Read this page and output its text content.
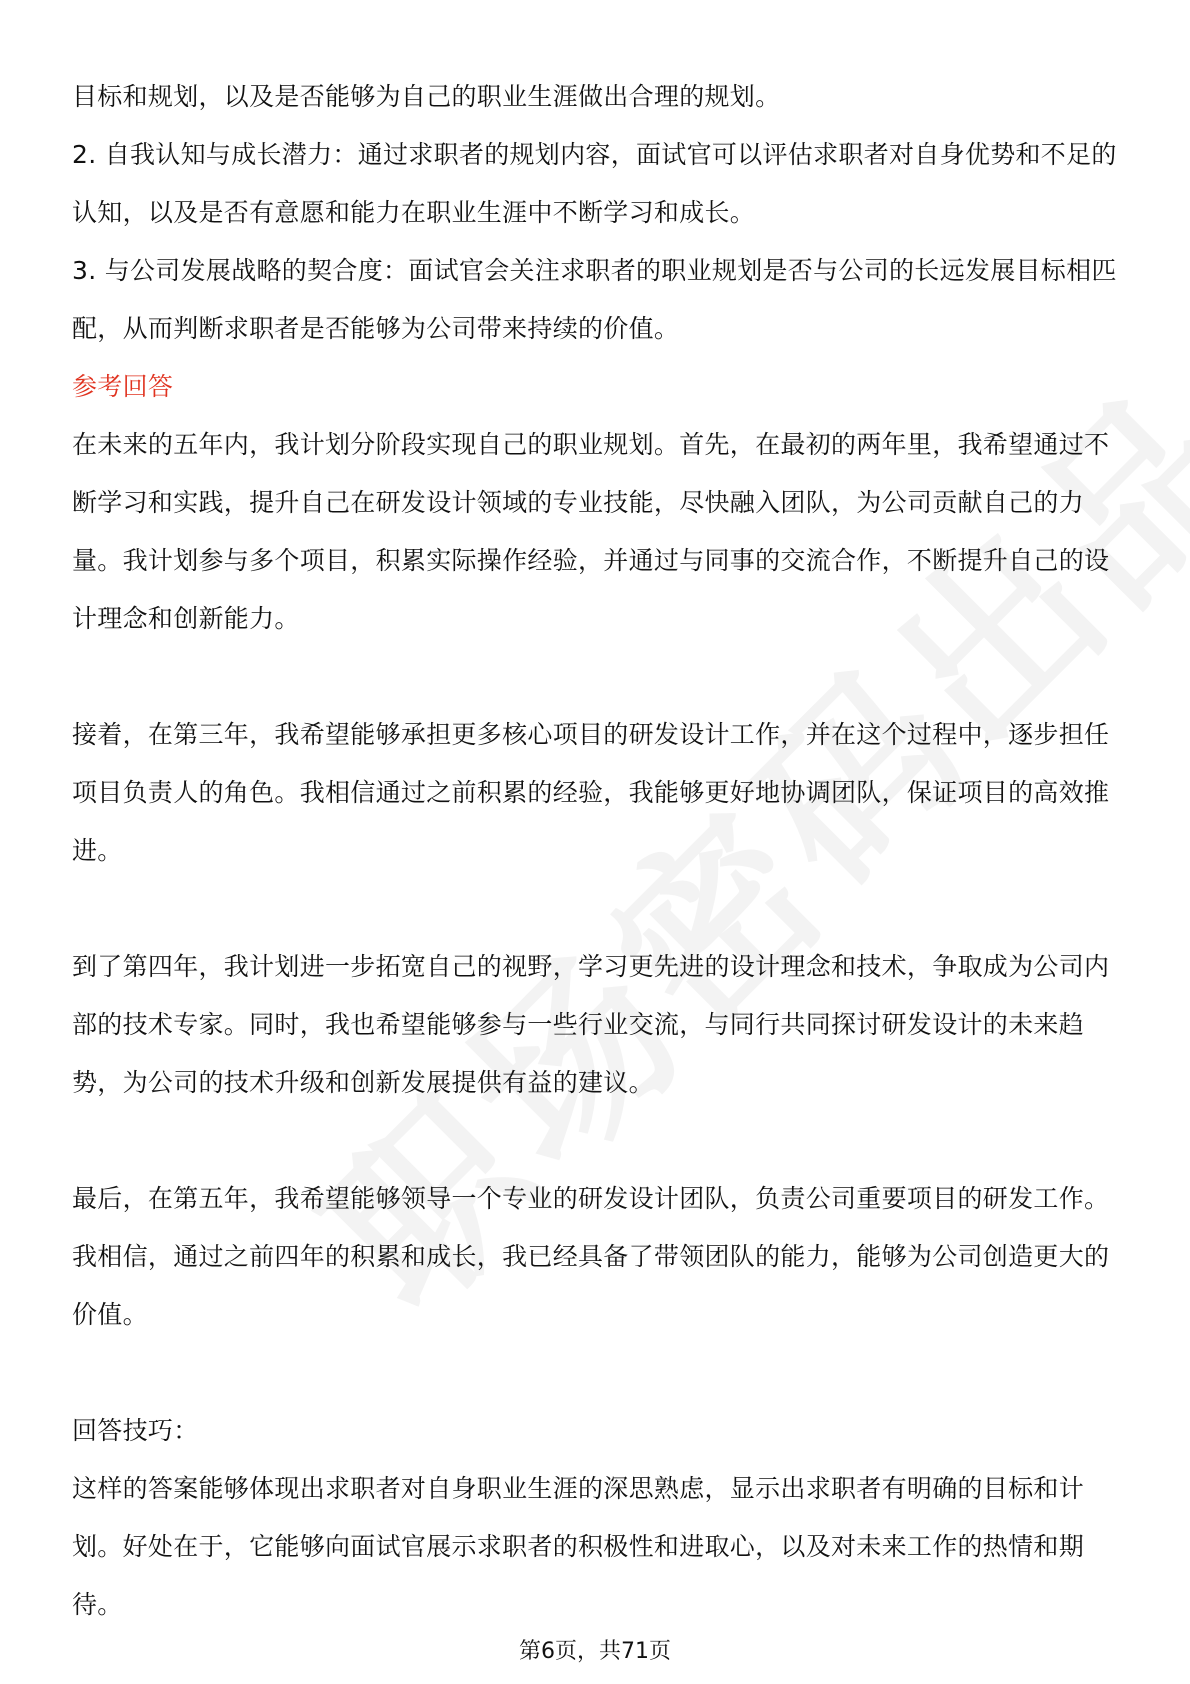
目标和规划，以及是否能够为自己的职业生涯做出合理的规划。

2. 自我认知与成长潜力：通过求职者的规划内容，面试官可以评估求职者对自身优势和不足的认知，以及是否有意愿和能力在职业生涯中不断学习和成长。

3. 与公司发展战略的契合度：面试官会关注求职者的职业规划是否与公司的长远发展目标相匹配，从而判断求职者是否能够为公司带来持续的价值。

参考回答

在未来的五年内，我计划分阶段实现自己的职业规划。首先，在最初的两年里，我希望通过不断学习和实践，提升自己在研发设计领域的专业技能，尽快融入团队，为公司贡献自己的力量。我计划参与多个项目，积累实际操作经验，并通过与同事的交流合作，不断提升自己的设计理念和创新能力。

接着，在第三年，我希望能够承担更多核心项目的研发设计工作，并在这个过程中，逐步担任项目负责人的角色。我相信通过之前积累的经验，我能够更好地协调团队，保证项目的高效推进。

到了第四年，我计划进一步拓宽自己的视野，学习更先进的设计理念和技术，争取成为公司内部的技术专家。同时，我也希望能够参与一些行业交流，与同行共同探讨研发设计的未来趋势，为公司的技术升级和创新发展提供有益的建议。

最后，在第五年，我希望能够领导一个专业的研发设计团队，负责公司重要项目的研发工作。我相信，通过之前四年的积累和成长，我已经具备了带领团队的能力，能够为公司创造更大的价值。

回答技巧：

这样的答案能够体现出求职者对自身职业生涯的深思熟虑，显示出求职者有明确的目标和计划。好处在于，它能够向面试官展示求职者的积极性和进取心，以及对未来工作的热情和期待。

第6页，共71页
